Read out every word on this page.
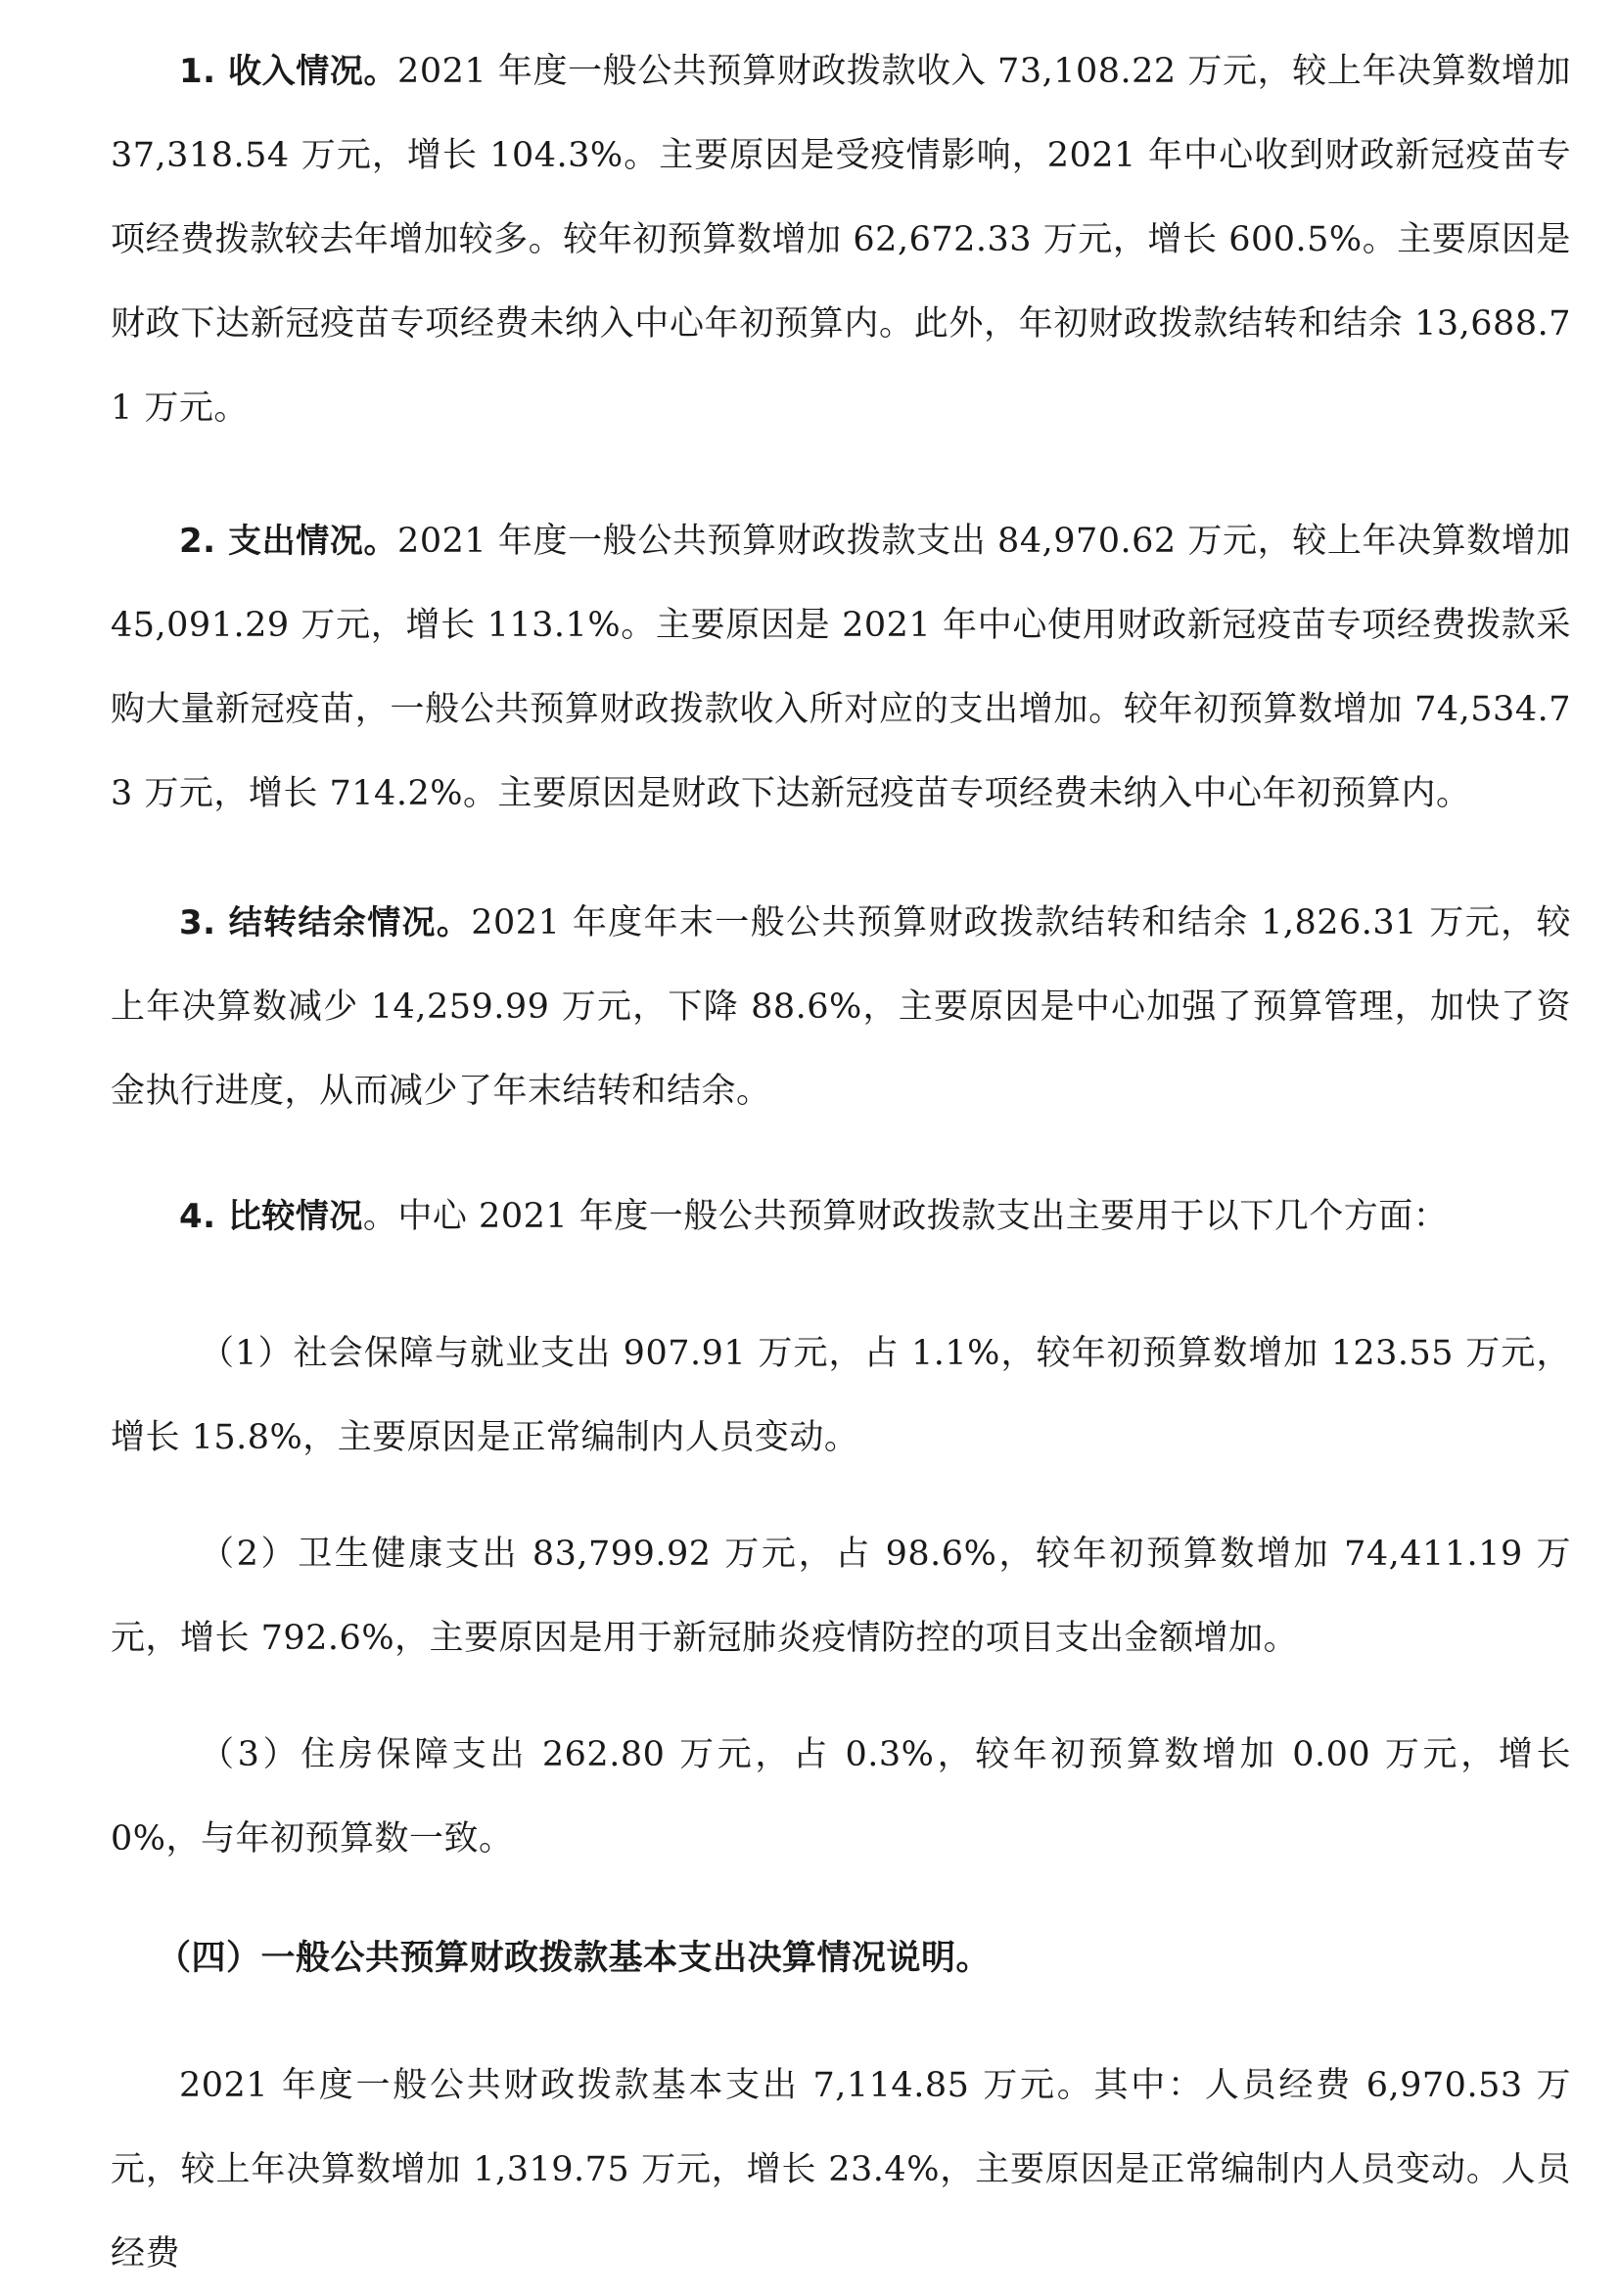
1. 收入情况。2021 年度一般公共预算财政拨款收入 73,108.22 万元，较上年决算数增加 37,318.54 万元，增长 104.3%。主要原因是受疫情影响，2021 年中心收到财政新冠疫苗专项经费拨款较去年增加较多。较年初预算数增加 62,672.33 万元，增长 600.5%。主要原因是财政下达新冠疫苗专项经费未纳入中心年初预算内。此外，年初财政拨款结转和结余 13,688.71 万元。

2. 支出情况。2021 年度一般公共预算财政拨款支出 84,970.62 万元，较上年决算数增加 45,091.29 万元，增长 113.1%。主要原因是 2021 年中心使用财政新冠疫苗专项经费拨款采购大量新冠疫苗，一般公共预算财政拨款收入所对应的支出增加。较年初预算数增加 74,534.73 万元，增长 714.2%。主要原因是财政下达新冠疫苗专项经费未纳入中心年初预算内。

3. 结转结余情况。2021 年度年末一般公共预算财政拨款结转和结余 1,826.31 万元，较上年决算数减少 14,259.99 万元，下降 88.6%，主要原因是中心加强了预算管理，加快了资金执行进度，从而减少了年末结转和结余。

4. 比较情况。中心 2021 年度一般公共预算财政拨款支出主要用于以下几个方面：

（1）社会保障与就业支出 907.91 万元，占 1.1%，较年初预算数增加 123.55 万元，增长 15.8%，主要原因是正常编制内人员变动。

（2）卫生健康支出 83,799.92 万元，占 98.6%，较年初预算数增加 74,411.19 万元，增长 792.6%，主要原因是用于新冠肺炎疫情防控的项目支出金额增加。

（3）住房保障支出 262.80 万元，占 0.3%，较年初预算数增加 0.00 万元，增长 0%，与年初预算数一致。

（四）一般公共预算财政拨款基本支出决算情况说明。

2021 年度一般公共财政拨款基本支出 7,114.85 万元。其中：人员经费 6,970.53 万元，较上年决算数增加 1,319.75 万元，增长 23.4%，主要原因是正常编制内人员变动。人员经费
